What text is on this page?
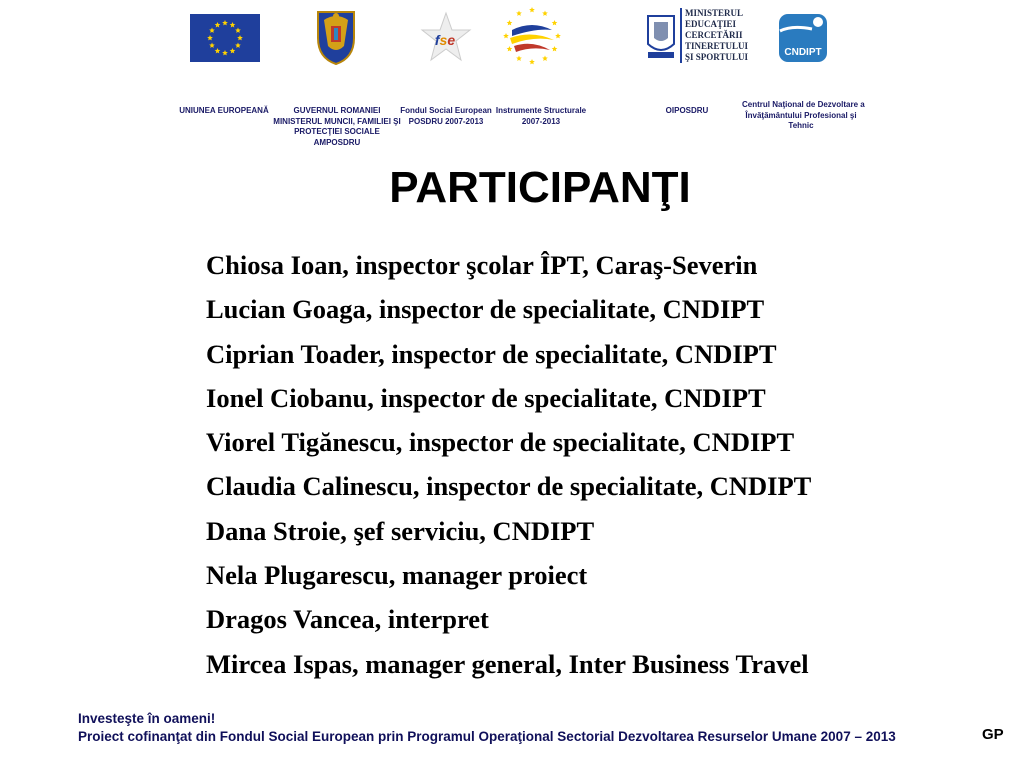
fse
MINISTERUL
EDUCAŢIEI
CERCETĂRII
TINERETULUI
ŞI SPORTULUI	CNDIPT
UNIUNEA EUROPEANĂ	GUVERNUL ROMANIEI
MINISTERUL MUNCII, FAMILIEI ŞI
PROTECŢIEI SOCIALE
AMPOSDRU
Fondul Social European
POSDRU 2007-2013
Instrumente Structurale
2007-2013
OIPOSDRU
Centrul Naţional de Dezvoltare a
Învăţământului Profesional şi
Tehnic
PARTICIPANŢI
Chiosa Ioan, inspector şcolar ÎPT, Caraş-Severin
Lucian Goaga, inspector de specialitate, CNDIPT
Ciprian Toader, inspector de specialitate, CNDIPT
Ionel Ciobanu, inspector de specialitate, CNDIPT
Viorel Tigănescu, inspector de specialitate, CNDIPT
Claudia Calinescu, inspector de specialitate, CNDIPT
Dana Stroie, şef serviciu, CNDIPT
Nela Plugarescu, manager proiect
Dragos Vancea, interpret
Mircea Ispas, manager general, Inter Business Travel
Investeşte în oameni!
Proiect cofinanţat din Fondul Social European prin Programul Operaţional Sectorial Dezvoltarea Resurselor Umane 2007 – 2013	GP
